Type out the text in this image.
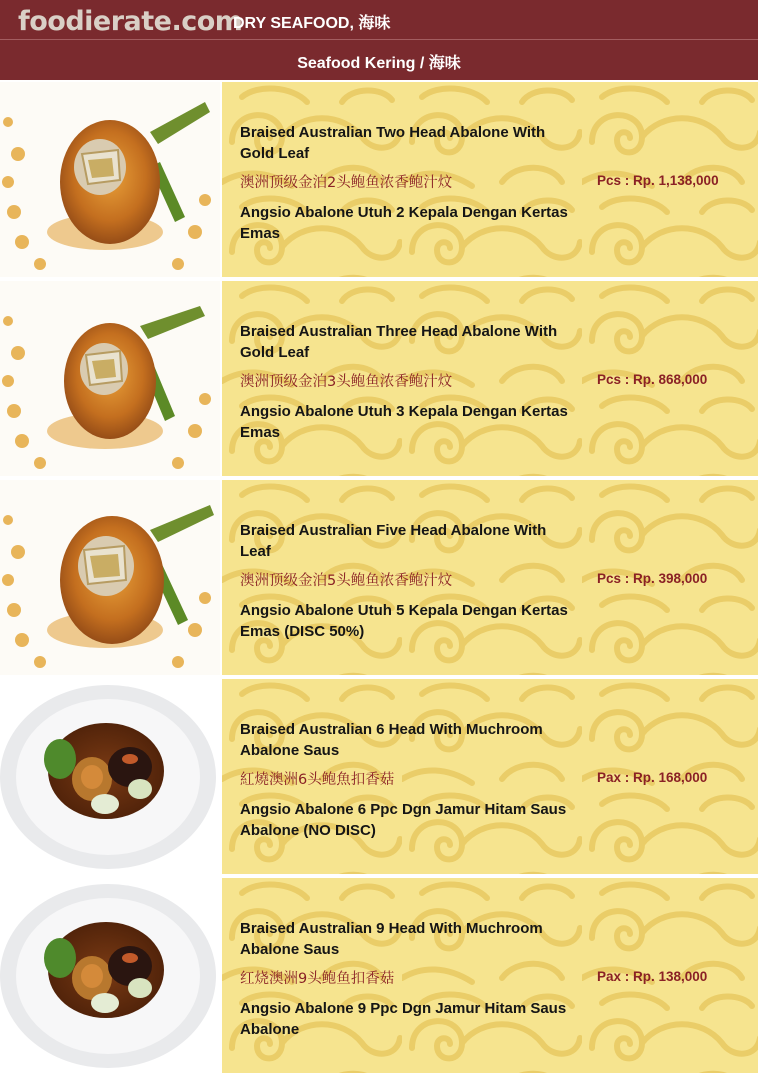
foodierate.com
DRY SEAFOOD, 海味
Seafood Kering / 海味
Braised Australian Two Head Abalone With Gold Leaf
澳洲顶级金泊2头鲍鱼浓香鲍汁炆
Angsio Abalone Utuh 2 Kepala Dengan Kertas Emas
Pcs : Rp. 1,138,000
Braised Australian Three Head Abalone With Gold Leaf
澳洲顶级金泊3头鲍鱼浓香鲍汁炆
Angsio Abalone Utuh 3 Kepala Dengan Kertas Emas
Pcs : Rp. 868,000
Braised Australian Five Head Abalone With Leaf
澳洲顶级金泊5头鲍鱼浓香鲍汁炆
Angsio Abalone Utuh 5 Kepala Dengan Kertas Emas (DISC 50%)
Pcs : Rp. 398,000
Braised Australian 6 Head With Muchroom Abalone Saus
紅燒澳洲6头鲍魚扣香菇
Angsio Abalone 6 Ppc Dgn Jamur Hitam Saus Abalone (NO DISC)
Pax : Rp. 168,000
Braised Australian 9 Head With Muchroom Abalone Saus
红烧澳洲9头鲍鱼扣香菇
Angsio Abalone 9 Ppc Dgn Jamur Hitam Saus Abalone
Pax : Rp. 138,000
